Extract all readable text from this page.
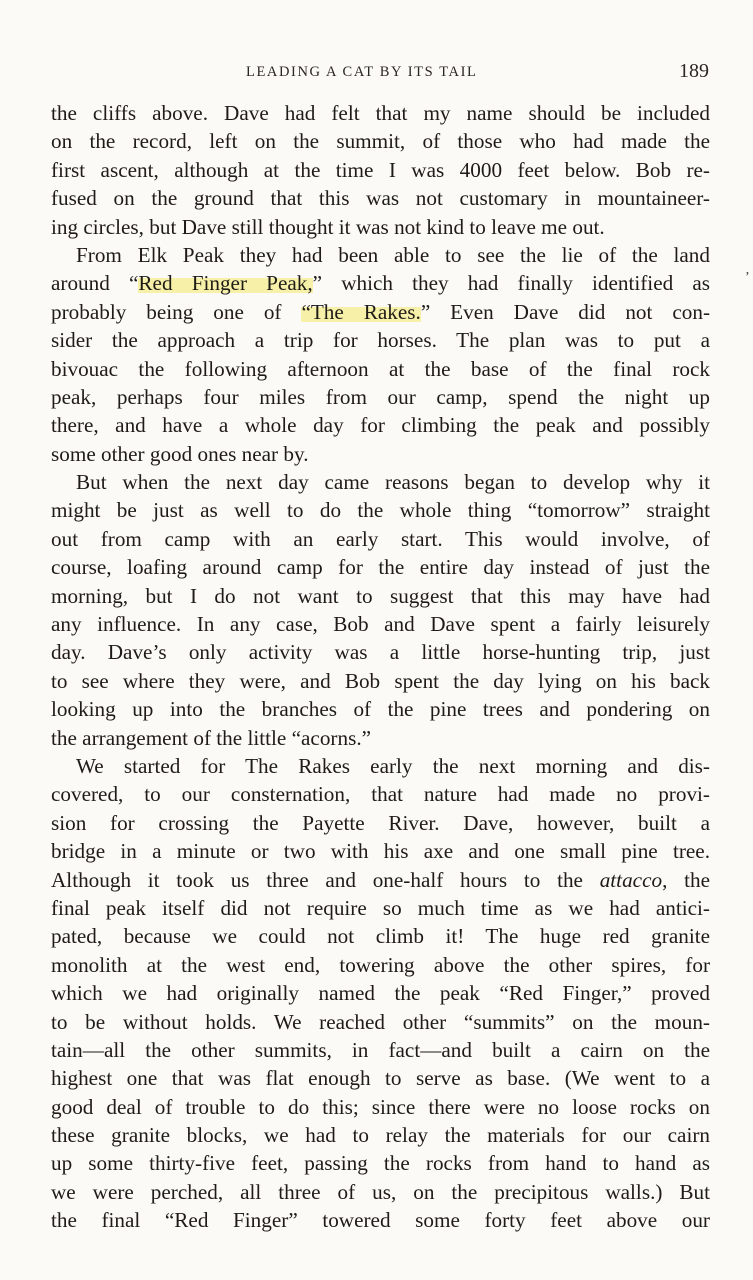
LEADING A CAT BY ITS TAIL	189
’
the cliffs above. Dave had felt that my name should be included
on the record, left on the summit, of those who had made the
first ascent, although at the time I was 4000 feet below. Bob re-
fused on the ground that this was not customary in mountaineer-
ing circles, but Dave still thought it was not kind to leave me out.
From Elk Peak they had been able to see the lie of the land
around “Red Finger Peak,” which they had finally identified as
probably being one of “The Rakes.” Even Dave did not con-
sider the approach a trip for horses. The plan was to put a
bivouac the following afternoon at the base of the final rock
peak, perhaps four miles from our camp, spend the night up
there, and have a whole day for climbing the peak and possibly
some other good ones near by.
But when the next day came reasons began to develop why it
might be just as well to do the whole thing “tomorrow” straight
out from camp with an early start. This would involve, of
course, loafing around camp for the entire day instead of just the
morning, but I do not want to suggest that this may have had
any influence. In any case, Bob and Dave spent a fairly leisurely
day. Dave’s only activity was a little horse-hunting trip, just
to see where they were, and Bob spent the day lying on his back
looking up into the branches of the pine trees and pondering on
the arrangement of the little “acorns.”
We started for The Rakes early the next morning and dis-
covered, to our consternation, that nature had made no provi-
sion for crossing the Payette River. Dave, however, built a
bridge in a minute or two with his axe and one small pine tree.
Although it took us three and one-half hours to the attacco, the
final peak itself did not require so much time as we had antici-
pated, because we could not climb it! The huge red granite
monolith at the west end, towering above the other spires, for
which we had originally named the peak “Red Finger,” proved
to be without holds. We reached other “summits” on the moun-
tain—all the other summits, in fact—and built a cairn on the
highest one that was flat enough to serve as base. (We went to a
good deal of trouble to do this; since there were no loose rocks on
these granite blocks, we had to relay the materials for our cairn
up some thirty-five feet, passing the rocks from hand to hand as
we were perched, all three of us, on the precipitous walls.) But
the final “Red Finger” towered some forty feet above our
